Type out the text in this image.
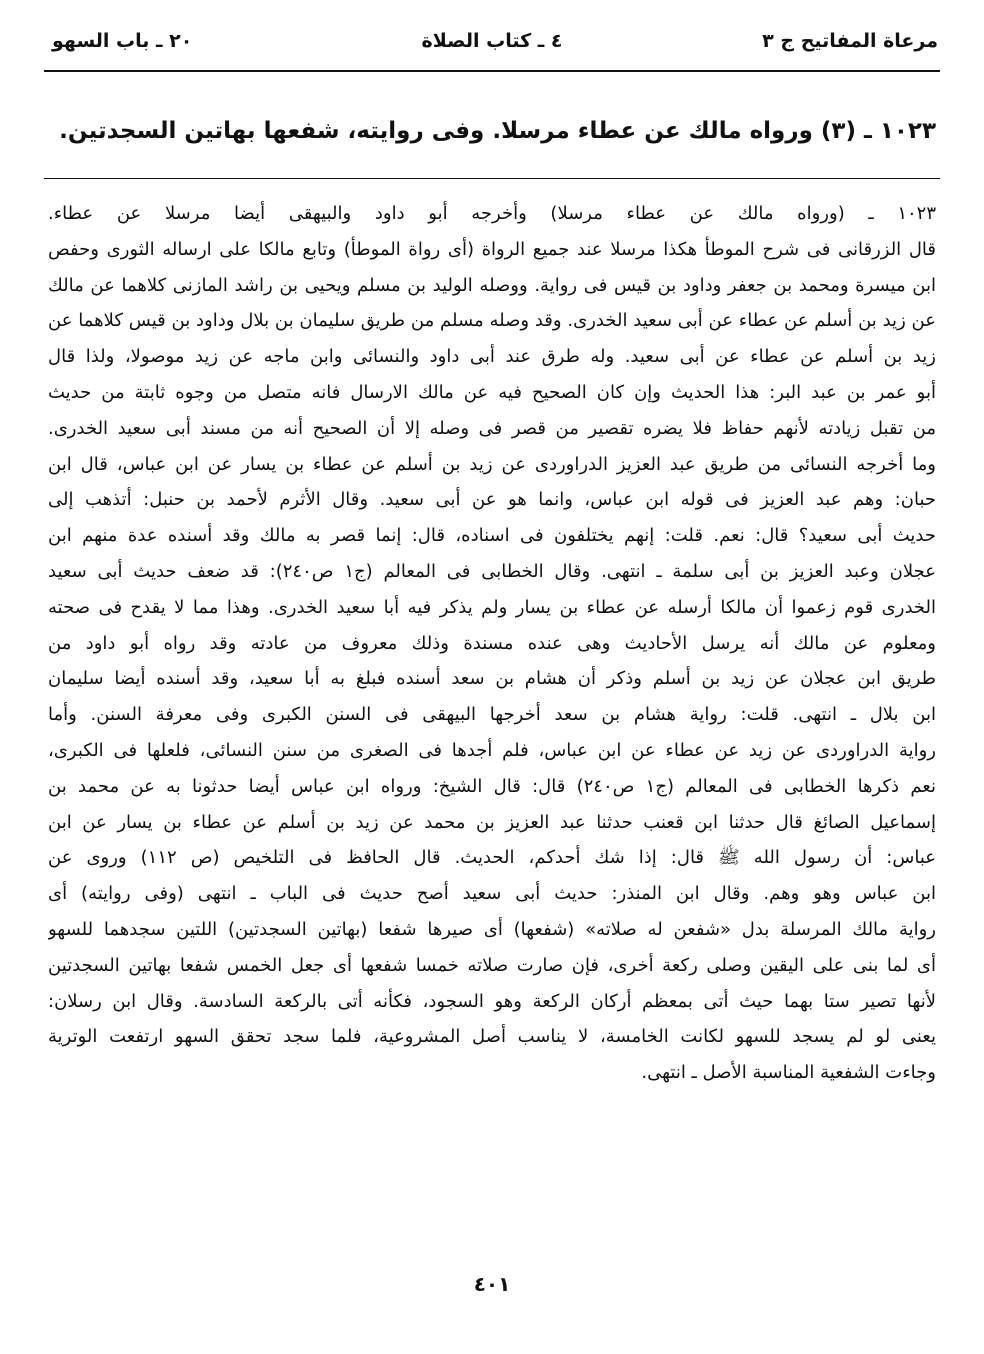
مرعاة المفاتيح ج ٣
٤ ـ كتاب الصلاة
٢٠ ـ باب السهو
١٠٢٣ ـ (٣) ورواه مالك عن عطاء مرسلا. وفى روايته، شفعها بهاتين السجدتين.
١٠٢٣ ـ (ورواه مالك عن عطاء مرسلا) وأخرجه أبو داود والبيهقى أيضا مرسلا عن عطاء.
قال الزرقانى فى شرح الموطأ هكذا مرسلا عند جميع الرواة (أى رواة الموطأ) وتابع مالكا على ارساله الثورى وحفص
ابن ميسرة ومحمد بن جعفر وداود بن قيس فى رواية. ووصله الوليد بن مسلم ويحيى بن راشد المازنى كلاهما عن مالك
عن زيد بن أسلم عن عطاء عن أبى سعيد الخدرى. وقد وصله مسلم من طريق سليمان بن بلال وداود بن قيس كلاهما عن
زيد بن أسلم عن عطاء عن أبى سعيد. وله طرق عند أبى داود والنسائى وابن ماجه عن زيد موصولا، ولذا قال
أبو عمر بن عبد البر: هذا الحديث وإن كان الصحيح فيه عن مالك الارسال فانه متصل من وجوه ثابتة من حديث
من تقبل زيادته لأنهم حفاظ فلا يضره تقصير من قصر فى وصله إلا أن الصحيح أنه من مسند أبى سعيد الخدرى.
وما أخرجه النسائى من طريق عبد العزيز الدراوردى عن زيد بن أسلم عن عطاء بن يسار عن ابن عباس، قال ابن
حبان: وهم عبد العزيز فى قوله ابن عباس، وانما هو عن أبى سعيد. وقال الأثرم لأحمد بن حنبل: أتذهب إلى
حديث أبى سعيد؟ قال: نعم. قلت: إنهم يختلفون فى اسناده، قال: إنما قصر به مالك وقد أسنده عدة منهم ابن
عجلان وعبد العزيز بن أبى سلمة ـ انتهى. وقال الخطابى فى المعالم (ج١ ص٢٤٠): قد ضعف حديث أبى سعيد
الخدرى قوم زعموا أن مالكا أرسله عن عطاء بن يسار ولم يذكر فيه أبا سعيد الخدرى. وهذا مما لا يقدح فى صحته
ومعلوم عن مالك أنه يرسل الأحاديث وهى عنده مسندة وذلك معروف من عادته وقد رواه أبو داود من
طريق ابن عجلان عن زيد بن أسلم وذكر أن هشام بن سعد أسنده فبلغ به أبا سعيد، وقد أسنده أيضا سليمان
ابن بلال ـ انتهى. قلت: رواية هشام بن سعد أخرجها البيهقى فى السنن الكبرى وفى معرفة السنن. وأما
رواية الدراوردى عن زيد عن عطاء عن ابن عباس، فلم أجدها فى الصغرى من سنن النسائى، فلعلها فى الكبرى،
نعم ذكرها الخطابى فى المعالم (ج١ ص٢٤٠) قال: قال الشيخ: ورواه ابن عباس أيضا حدثونا به عن محمد بن
إسماعيل الصائغ قال حدثنا ابن قعنب حدثنا عبد العزيز بن محمد عن زيد بن أسلم عن عطاء بن يسار عن ابن
عباس: أن رسول الله ﷺ قال: إذا شك أحدكم، الحديث. قال الحافظ فى التلخيص (ص ١١٢) وروى عن
ابن عباس وهو وهم. وقال ابن المنذر: حديث أبى سعيد أصح حديث فى الباب ـ انتهى (وفى روايته) أى
رواية مالك المرسلة بدل «شفعن له صلاته» (شفعها) أى صيرها شفعا (بهاتين السجدتين) اللتين سجدهما للسهو
أى لما بنى على اليقين وصلى ركعة أخرى، فإن صارت صلاته خمسا شفعها أى جعل الخمس شفعا بهاتين السجدتين
لأنها تصير ستا بهما حيث أتى بمعظم أركان الركعة وهو السجود، فكأنه أتى بالركعة السادسة. وقال ابن رسلان:
يعنى لو لم يسجد للسهو لكانت الخامسة، لا يناسب أصل المشروعية، فلما سجد تحقق السهو ارتفعت الوترية
وجاءت الشفعية المناسبة الأصل ـ انتهى.
٤٠١
